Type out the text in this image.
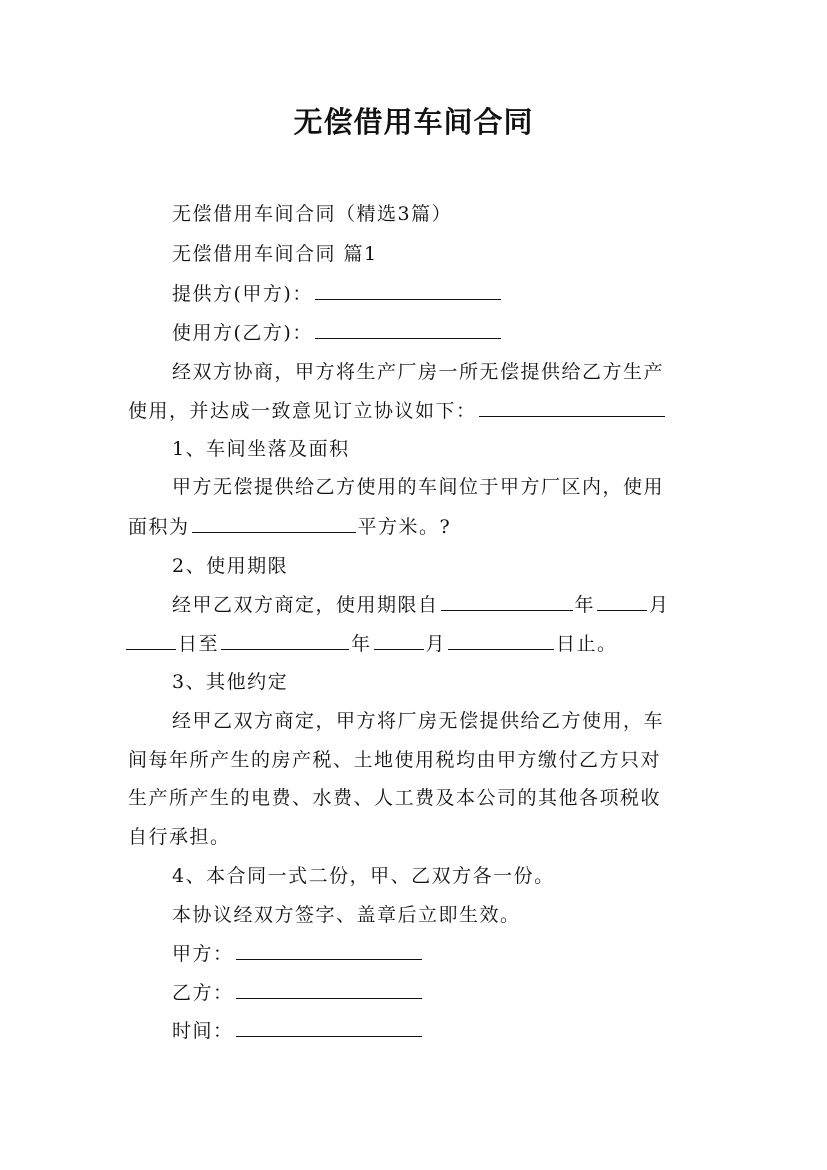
无偿借用车间合同
无偿借用车间合同（精选3篇）
无偿借用车间合同 篇1
提供方(甲方)：
使用方(乙方)：
经双方协商，甲方将生产厂房一所无偿提供给乙方生产
使用，并达成一致意见订立协议如下：
1、车间坐落及面积
甲方无偿提供给乙方使用的车间位于甲方厂区内，使用
面积为	平方米。?
2、使用期限
经甲乙双方商定，使用期限自	年	月
日至	年	月	日止。
3、其他约定
经甲乙双方商定，甲方将厂房无偿提供给乙方使用，车
间每年所产生的房产税、土地使用税均由甲方缴付乙方只对
生产所产生的电费、水费、人工费及本公司的其他各项税收
自行承担。
4、本合同一式二份，甲、乙双方各一份。
本协议经双方签字、盖章后立即生效。
甲方：
乙方：
时间：
